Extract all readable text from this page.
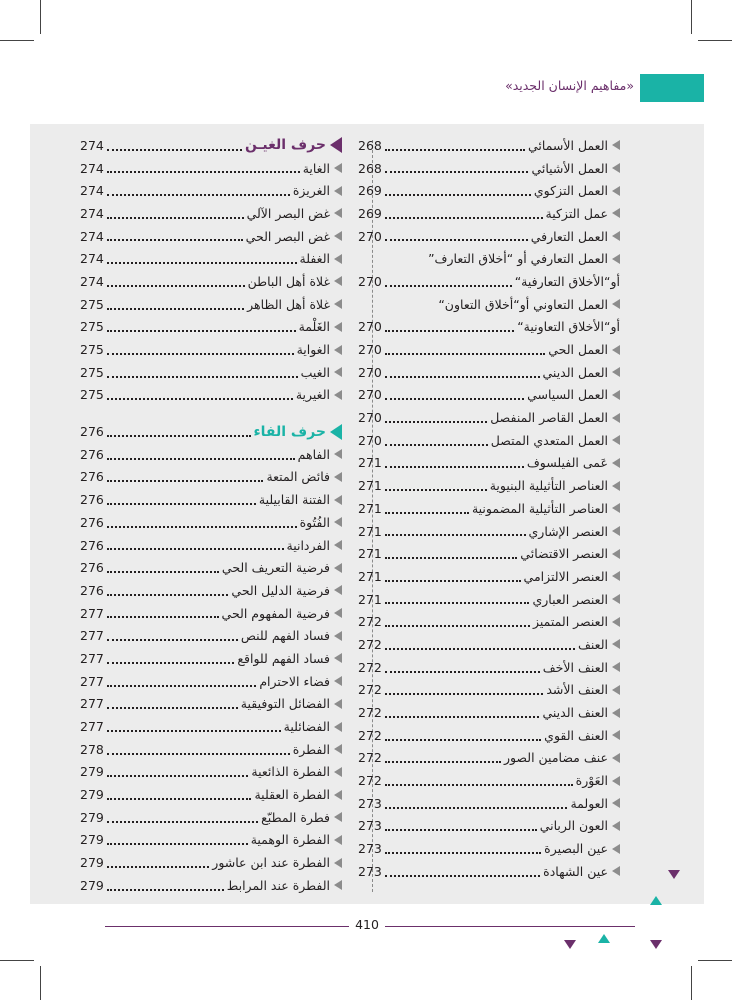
«مفاهيم الإنسان الجديد»
العمل الأسمائي
268
العمل الأشيائي
268
العمل التزكوي
269
عمل التزكية
269
العمل التعارفي
270
العمل التعارفي أو “أخلاق التعارف”
أو“الأخلاق التعارفية“
270
العمل التعاوني أو“أخلاق التعاون“
أو“الأخلاق التعاونية“
270
العمل الحي
270
العمل الديني
270
العمل السياسي
270
العمل القاصر المنفصل
270
العمل المتعدي المتصل
270
عَمى الفيلسوف
271
العناصر التأثيلية البنيوية
271
العناصر التأثيلية المضمونية
271
العنصر الإشاري
271
العنصر الاقتضائي
271
العنصر الالتزامي
271
العنصر العباري
271
العنصر المتميز
272
العنف
272
العنف الأخف
272
العنف الأشد
272
العنف الديني
272
العنف القوي
272
عنف مضامين الصور
272
العَوْرة
272
العولمة
273
العون الرباني
273
عين البصيرة
273
عين الشهادة
273
حرف الغيـن
274
الغاية
274
الغريزة
274
غض البصر الآلي
274
غض البصر الحي
274
الغفلة
274
غلاة أهل الباطن
274
غلاة أهل الظاهر
275
الغَلْمة
275
الغواية
275
الغيب
275
الغيرية
275
حرف الفاء
276
الفاهم
276
فائض المتعة
276
الفتنة القابيلية
276
الفُتُوة
276
الفردانية
276
فرضية التعريف الحي
276
فرضية الدليل الحي
276
فرضية المفهوم الحي
277
فساد الفهم للنص
277
فساد الفهم للواقع
277
فضاء الاحترام
277
الفضائل التوفيقية
277
الفضائلية
277
الفطرة
278
الفطرة الذائعية
279
الفطرة العقلية
279
فطرة المطبّع
279
الفطرة الوهمية
279
الفطرة عند ابن عاشور
279
الفطرة عند المرابط
279
410
